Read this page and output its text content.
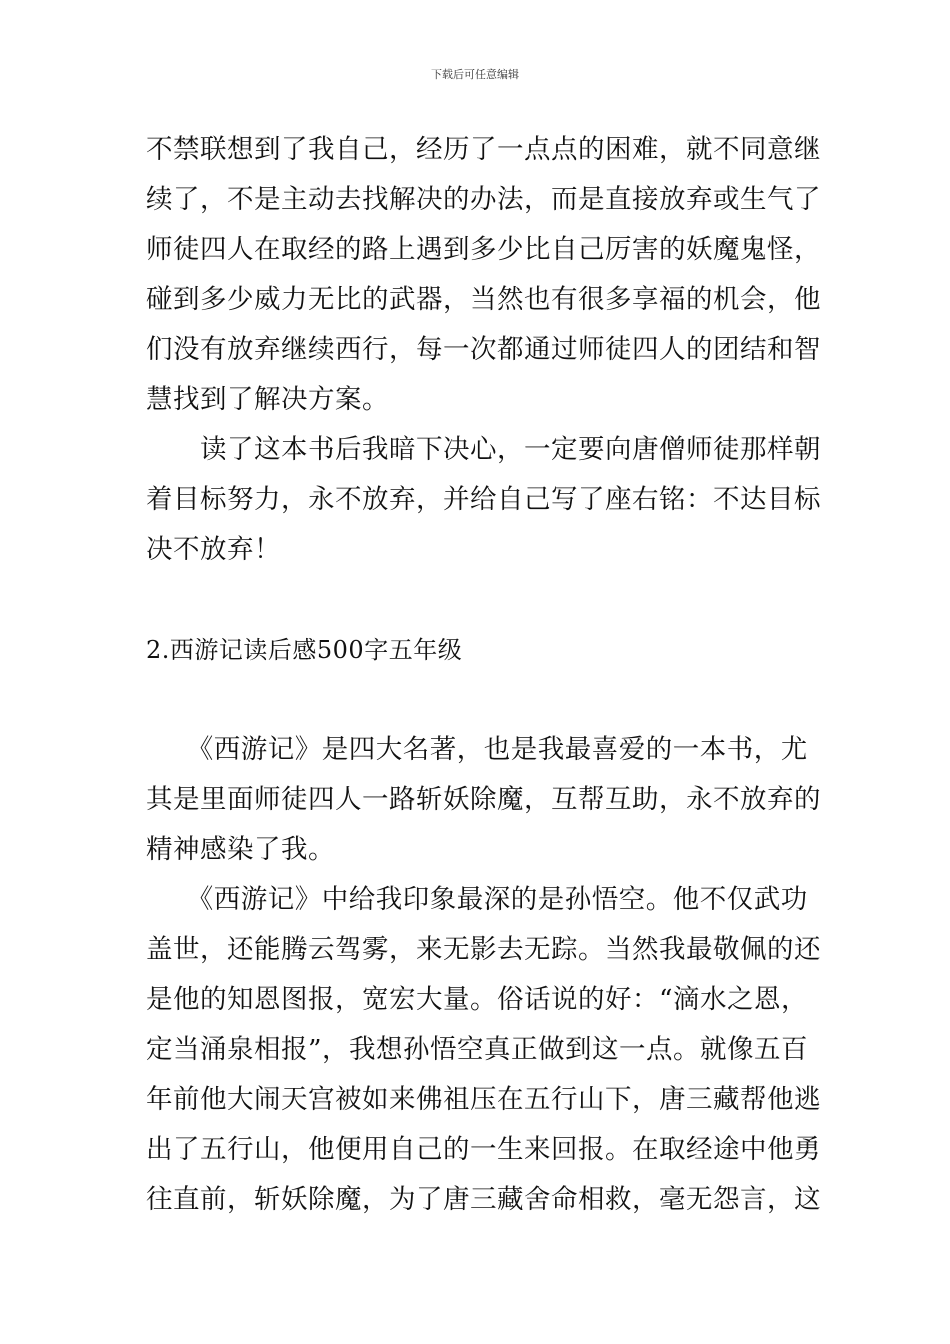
下载后可任意编辑
不禁联想到了我自己，经历了一点点的困难，就不同意继
续了，不是主动去找解决的办法，而是直接放弃或生气了
师徒四人在取经的路上遇到多少比自己厉害的妖魔鬼怪，
碰到多少威力无比的武器，当然也有很多享福的机会，他
们没有放弃继续西行，每一次都通过师徒四人的团结和智
慧找到了解决方案。
　　读了这本书后我暗下决心，一定要向唐僧师徒那样朝
着目标努力，永不放弃，并给自己写了座右铭：不达目标
决不放弃！
2.西游记读后感500字五年级
　　《西游记》是四大名著，也是我最喜爱的一本书，尤
其是里面师徒四人一路斩妖除魔，互帮互助，永不放弃的
精神感染了我。
　　《西游记》中给我印象最深的是孙悟空。他不仅武功
盖世，还能腾云驾雾，来无影去无踪。当然我最敬佩的还
是他的知恩图报，宽宏大量。俗话说的好：“滴水之恩，
定当涌泉相报”，我想孙悟空真正做到这一点。就像五百
年前他大闹天宫被如来佛祖压在五行山下，唐三藏帮他逃
出了五行山，他便用自己的一生来回报。在取经途中他勇
往直前，斩妖除魔，为了唐三藏舍命相救，毫无怨言，这
